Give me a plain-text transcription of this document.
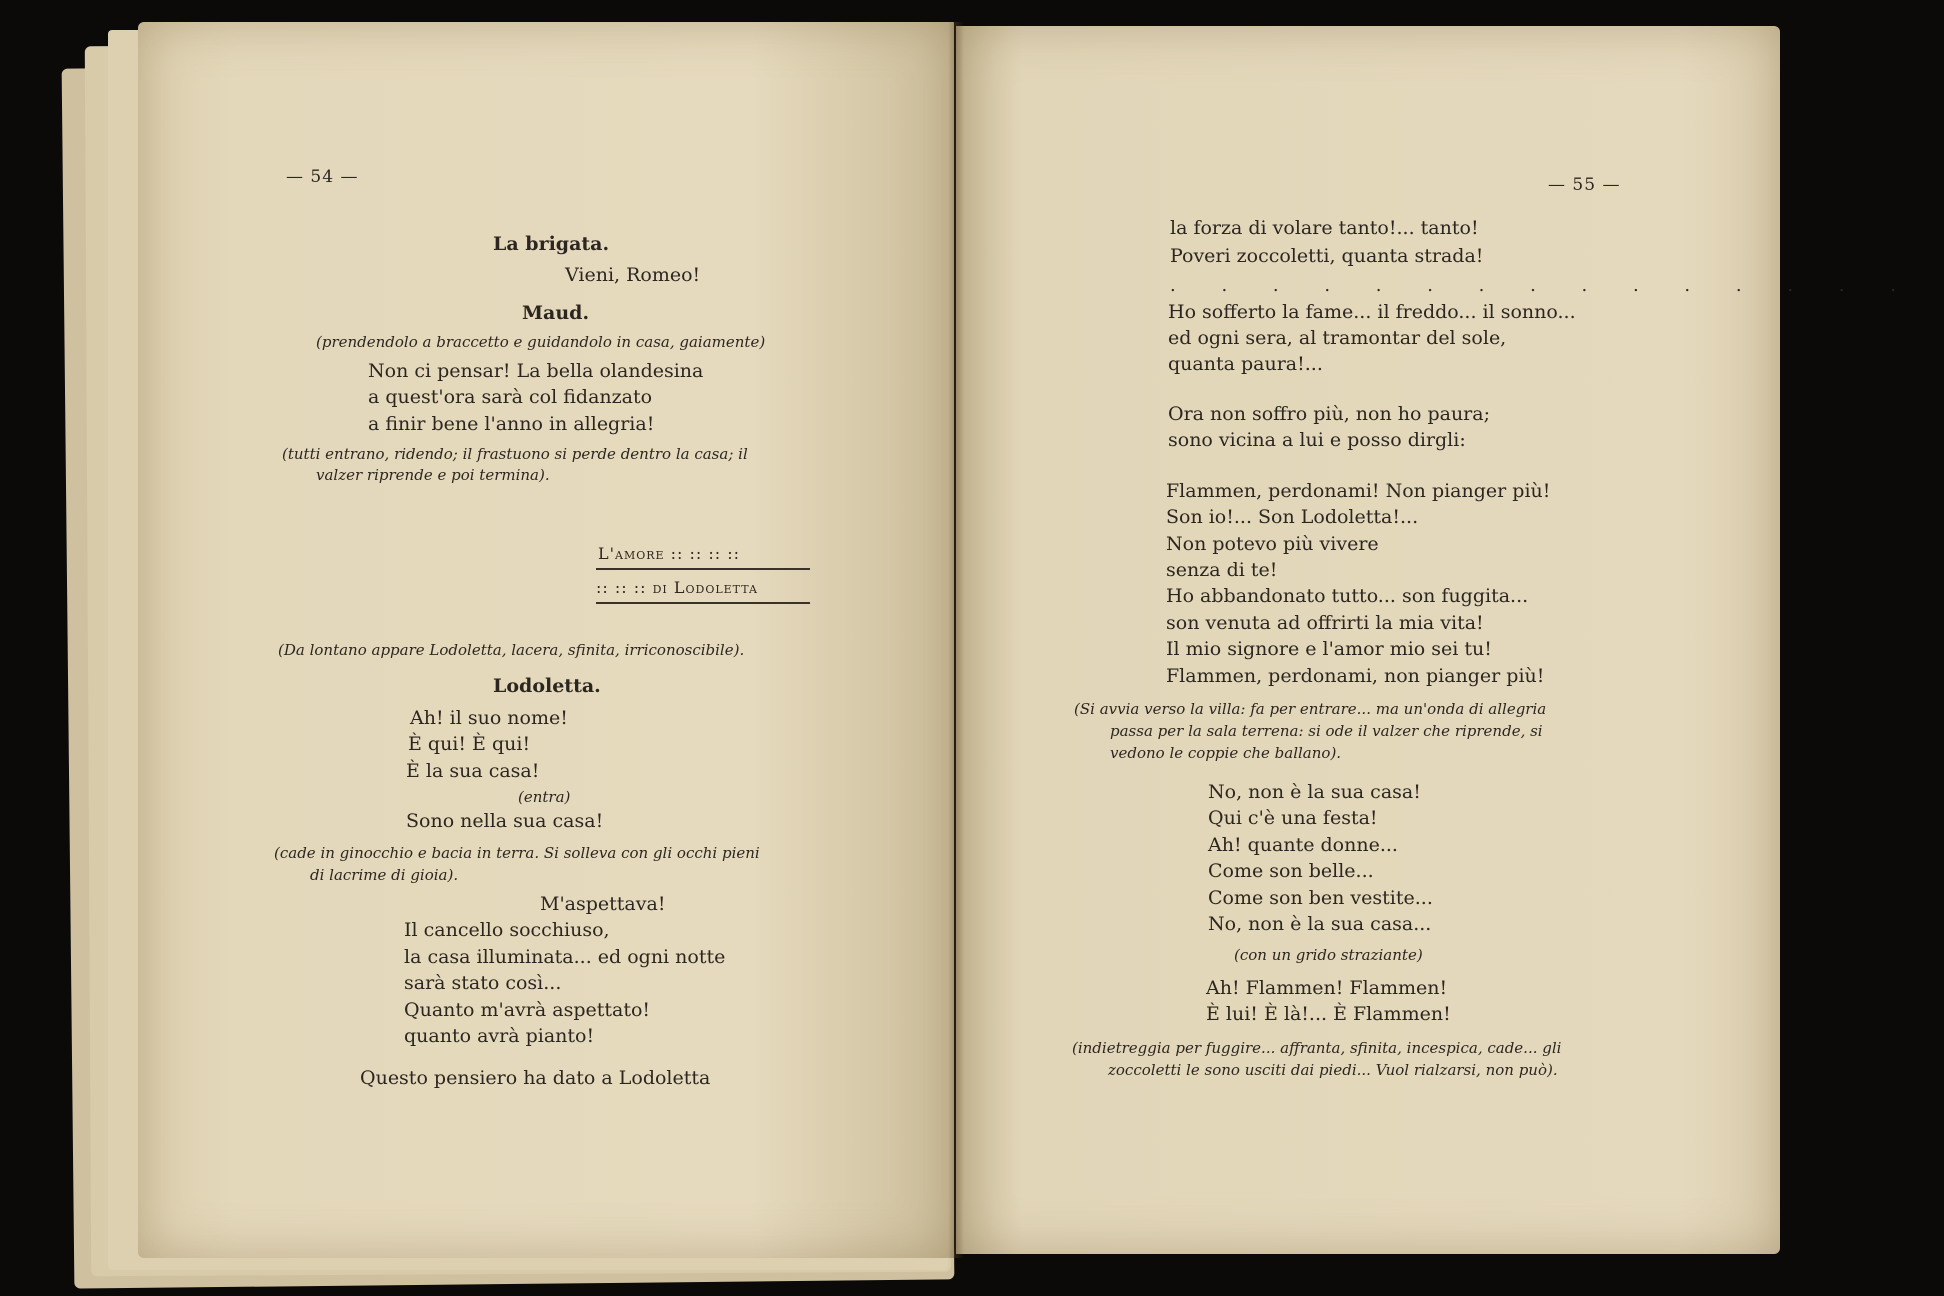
— 54 —
La brigata.
Vieni, Romeo!
Maud.
(prendendolo a braccetto e guidandolo in casa, gaiamente)
Non ci pensar! La bella olandesina
a quest'ora sarà col fidanzato
a finir bene l'anno in allegria!
(tutti entrano, ridendo; il frastuono si perde dentro la casa; il
valzer riprende e poi termina).
L'amore :: :: :: ::
:: :: :: di Lodoletta
(Da lontano appare Lodoletta, lacera, sfinita, irriconoscibile).
Lodoletta.
Ah! il suo nome!
È qui! È qui!
È la sua casa!
(entra)
Sono nella sua casa!
(cade in ginocchio e bacia in terra. Si solleva con gli occhi pieni
di lacrime di gioia).
M'aspettava!
Il cancello socchiuso,
la casa illuminata... ed ogni notte
sarà stato così...
Quanto m'avrà aspettato!
quanto avrà pianto!
Questo pensiero ha dato a Lodoletta
— 55 —
la forza di volare tanto!... tanto!
Poveri zoccoletti, quanta strada!
. . . . . . . . . . . . . . .
Ho sofferto la fame... il freddo... il sonno...
ed ogni sera, al tramontar del sole,
quanta paura!...
Ora non soffro più, non ho paura;
sono vicina a lui e posso dirgli:
Flammen, perdonami! Non pianger più!
Son io!... Son Lodoletta!...
Non potevo più vivere
senza di te!
Ho abbandonato tutto... son fuggita...
son venuta ad offrirti la mia vita!
Il mio signore e l'amor mio sei tu!
Flammen, perdonami, non pianger più!
(Si avvia verso la villa: fa per entrare... ma un'onda di allegria
passa per la sala terrena: si ode il valzer che riprende, si
vedono le coppie che ballano).
No, non è la sua casa!
Qui c'è una festa!
Ah! quante donne...
Come son belle...
Come son ben vestite...
No, non è la sua casa...
(con un grido straziante)
Ah! Flammen! Flammen!
È lui! È là!... È Flammen!
(indietreggia per fuggire... affranta, sfinita, incespica, cade... gli
zoccoletti le sono usciti dai piedi... Vuol rialzarsi, non può).
